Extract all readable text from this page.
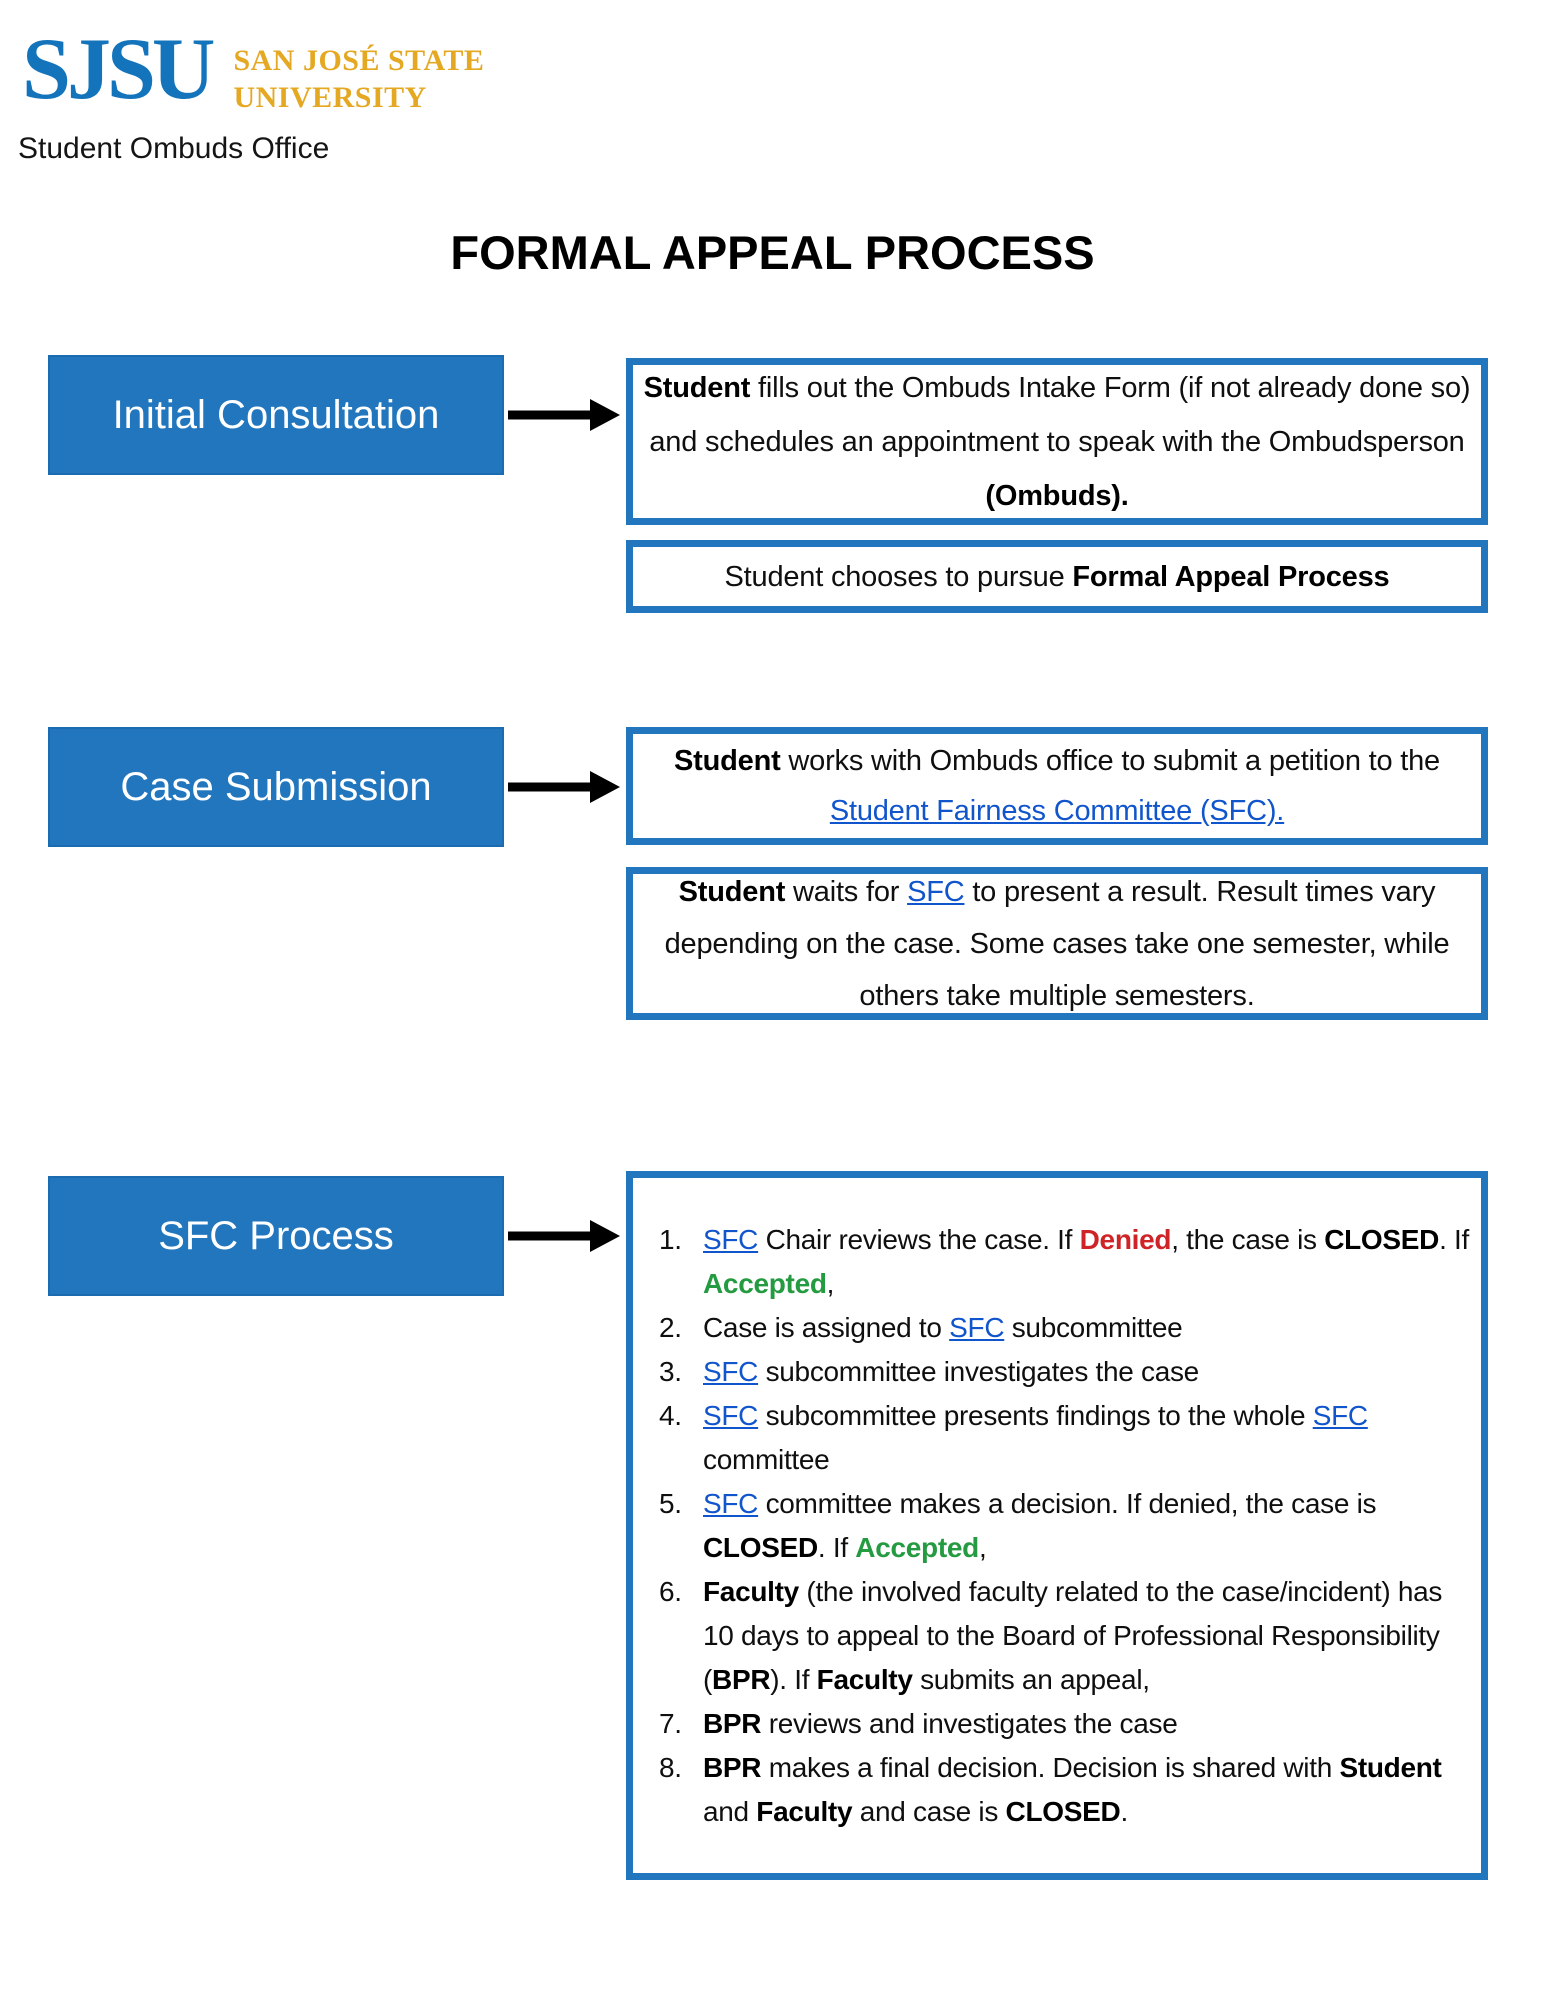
SJSU SAN JOSÉ STATE
UNIVERSITY
Student Ombuds Office
FORMAL APPEAL PROCESS
Initial Consultation
Case Submission
SFC Process

Student fills out the Ombuds Intake Form (if not already done so) and schedules an appointment to speak with the Ombudsperson (Ombuds).

Student chooses to pursue Formal Appeal Process

Student works with Ombuds office to submit a petition to the Student Fairness Committee (SFC).

Student waits for SFC to present a result. Result times vary depending on the case. Some cases take one semester, while others take multiple semesters.

1. SFC Chair reviews the case. If Denied, the case is CLOSED. If Accepted,
2. Case is assigned to SFC subcommittee
3. SFC subcommittee investigates the case
4. SFC subcommittee presents findings to the whole SFC committee
5. SFC committee makes a decision. If denied, the case is CLOSED. If Accepted,
6. Faculty (the involved faculty related to the case/incident) has 10 days to appeal to the Board of Professional Responsibility (BPR). If Faculty submits an appeal,
7. BPR reviews and investigates the case
8. BPR makes a final decision. Decision is shared with Student and Faculty and case is CLOSED.
